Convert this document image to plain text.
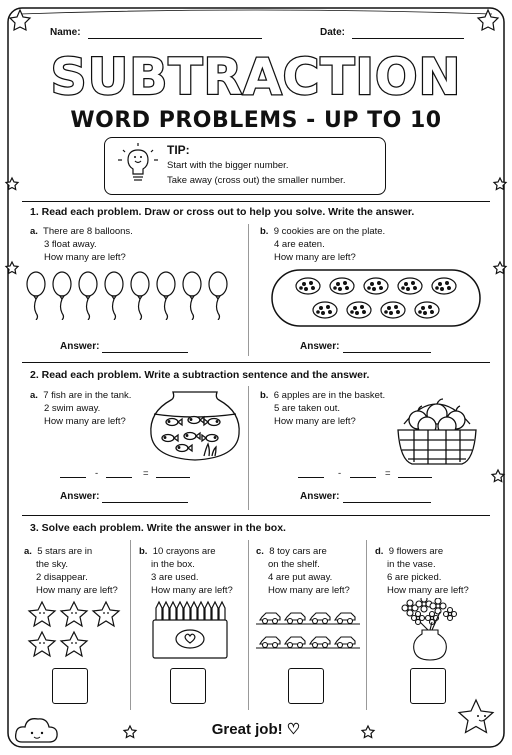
Name:	Date:
SUBTRACTION
WORD PROBLEMS - UP TO 10
TIP:
Start with the bigger number.
Take away (cross out) the smaller number.
1. Read each problem. Draw or cross out to help you solve. Write the answer.
a. There are 8 balloons.
3 float away.
How many are left?
Answer:
b. 9 cookies are on the plate.
4 are eaten.
How many are left?
Answer:
2. Read each problem. Write a subtraction sentence and the answer.
a. 7 fish are in the tank.
2 swim away.
How many are left?
-	=
Answer:
b. 6 apples are in the basket.
5 are taken out.
How many are left?
-	=
Answer:
3. Solve each problem. Write the answer in the box.
a. 5 stars are in
the sky.
2 disappear.
How many are left?
b. 10 crayons are
in the box.
3 are used.
How many are left?
c. 8 toy cars are
on the shelf.
4 are put away.
How many are left?
d. 9 flowers are
in the vase.
6 are picked.
How many are left?
Great job! ♡
